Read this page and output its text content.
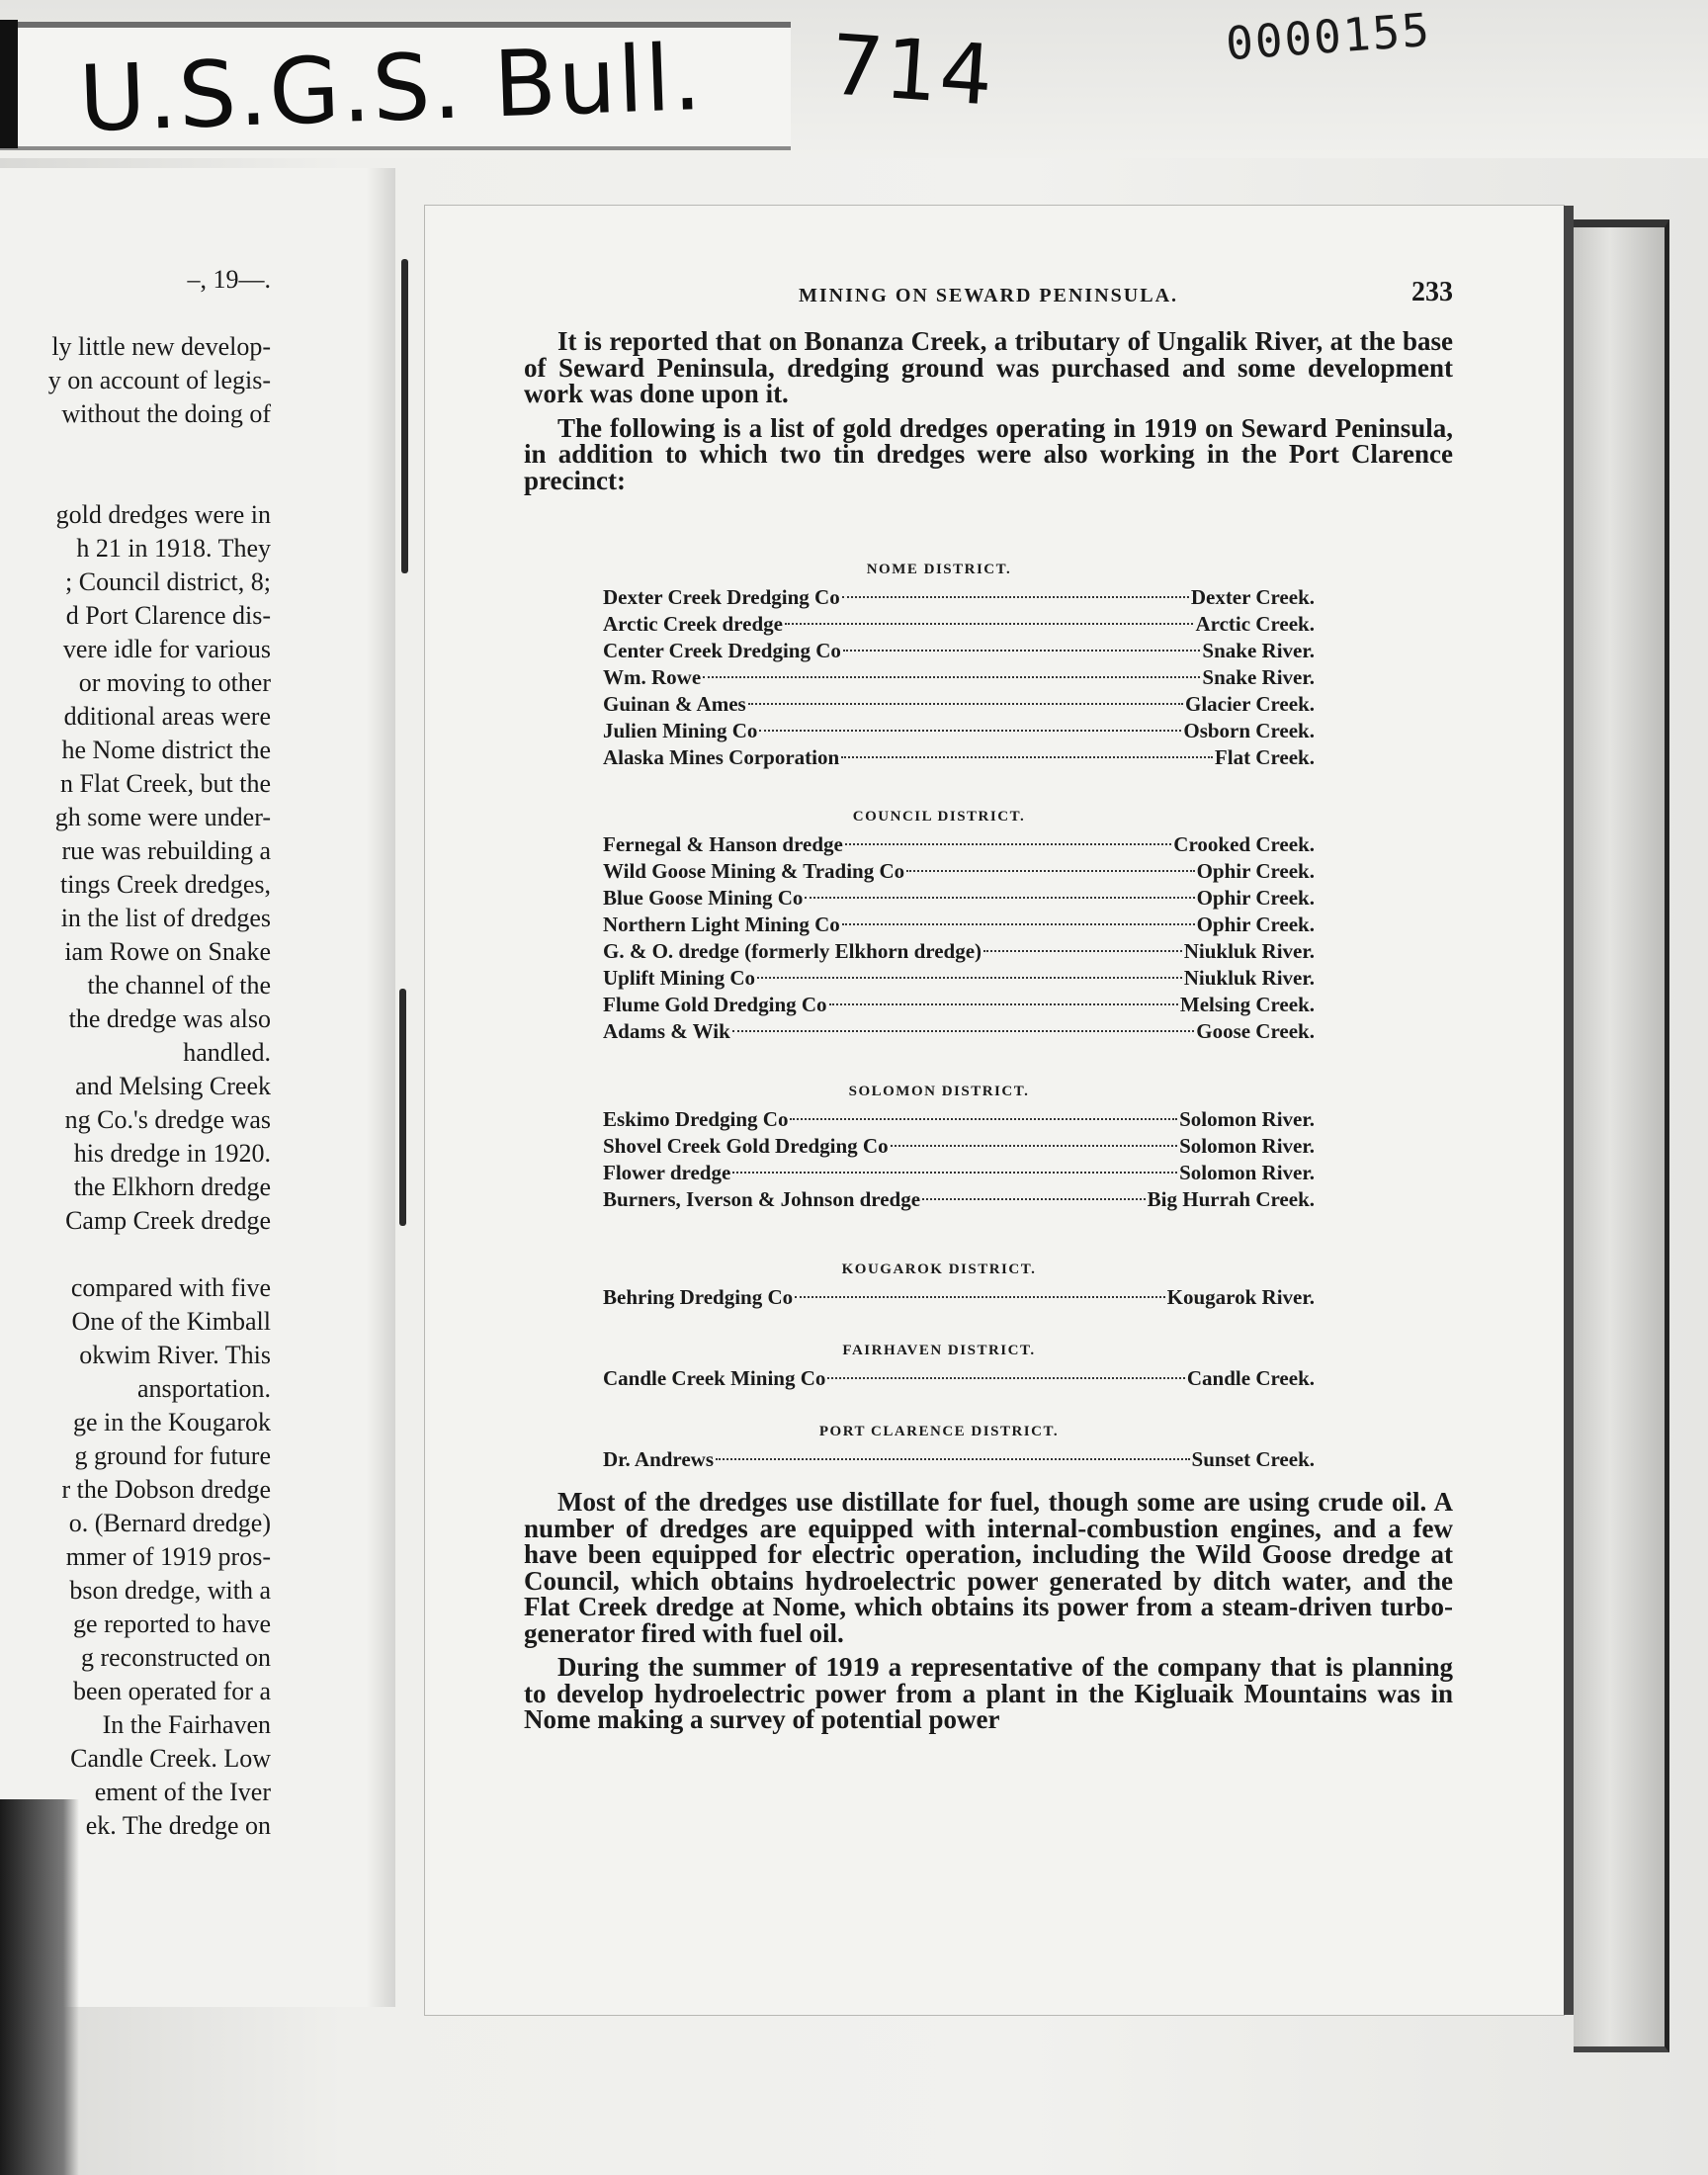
U.S.G.S. Bull. 714	0000155
–, 19—.
ly little new develop-
y on account of legis-
without the doing of
gold dredges were in
h 21 in 1918. They
; Council district, 8;
d Port Clarence dis-
vere idle for various
or moving to other
dditional areas were
he Nome district the
n Flat Creek, but the
gh some were under-
rue was rebuilding a
tings Creek dredges,
in the list of dredges
iam Rowe on Snake
the channel of the
the dredge was also
handled.
and Melsing Creek
ng Co.'s dredge was
his dredge in 1920.
the Elkhorn dredge
Camp Creek dredge
compared with five
One of the Kimball
okwim River. This
ansportation.
ge in the Kougarok
g ground for future
r the Dobson dredge
o. (Bernard dredge)
mmer of 1919 pros-
bson dredge, with a
ge reported to have
g reconstructed on
been operated for a
In the Fairhaven
Candle Creek. Low
ement of the Iver
ek. The dredge on
MINING ON SEWARD PENINSULA.	233

It is reported that on Bonanza Creek, a tributary of Ungalik River, at the base of Seward Peninsula, dredging ground was purchased and some development work was done upon it.

The following is a list of gold dredges operating in 1919 on Seward Peninsula, in addition to which two tin dredges were also working in the Port Clarence precinct:

NOME DISTRICT.
Dexter Creek Dredging Co	Dexter Creek.
Arctic Creek dredge	Arctic Creek.
Center Creek Dredging Co	Snake River.
Wm. Rowe	Snake River.
Guinan & Ames	Glacier Creek.
Julien Mining Co	Osborn Creek.
Alaska Mines Corporation	Flat Creek.
COUNCIL DISTRICT.
Fernegal & Hanson dredge	Crooked Creek.
Wild Goose Mining & Trading Co	Ophir Creek.
Blue Goose Mining Co	Ophir Creek.
Northern Light Mining Co	Ophir Creek.
G. & O. dredge (formerly Elkhorn dredge)	Niukluk River.
Uplift Mining Co	Niukluk River.
Flume Gold Dredging Co	Melsing Creek.
Adams & Wik	Goose Creek.
SOLOMON DISTRICT.
Eskimo Dredging Co	Solomon River.
Shovel Creek Gold Dredging Co	Solomon River.
Flower dredge	Solomon River.
Burners, Iverson & Johnson dredge	Big Hurrah Creek.
KOUGAROK DISTRICT.
Behring Dredging Co	Kougarok River.
FAIRHAVEN DISTRICT.
Candle Creek Mining Co	Candle Creek.
PORT CLARENCE DISTRICT.
Dr. Andrews	Sunset Creek.

Most of the dredges use distillate for fuel, though some are using crude oil. A number of dredges are equipped with internal-combustion engines, and a few have been equipped for electric operation, including the Wild Goose dredge at Council, which obtains hydroelectric power generated by ditch water, and the Flat Creek dredge at Nome, which obtains its power from a steam-driven turbo-generator fired with fuel oil.

During the summer of 1919 a representative of the company that is planning to develop hydroelectric power from a plant in the Kigluaik Mountains was in Nome making a survey of potential power
